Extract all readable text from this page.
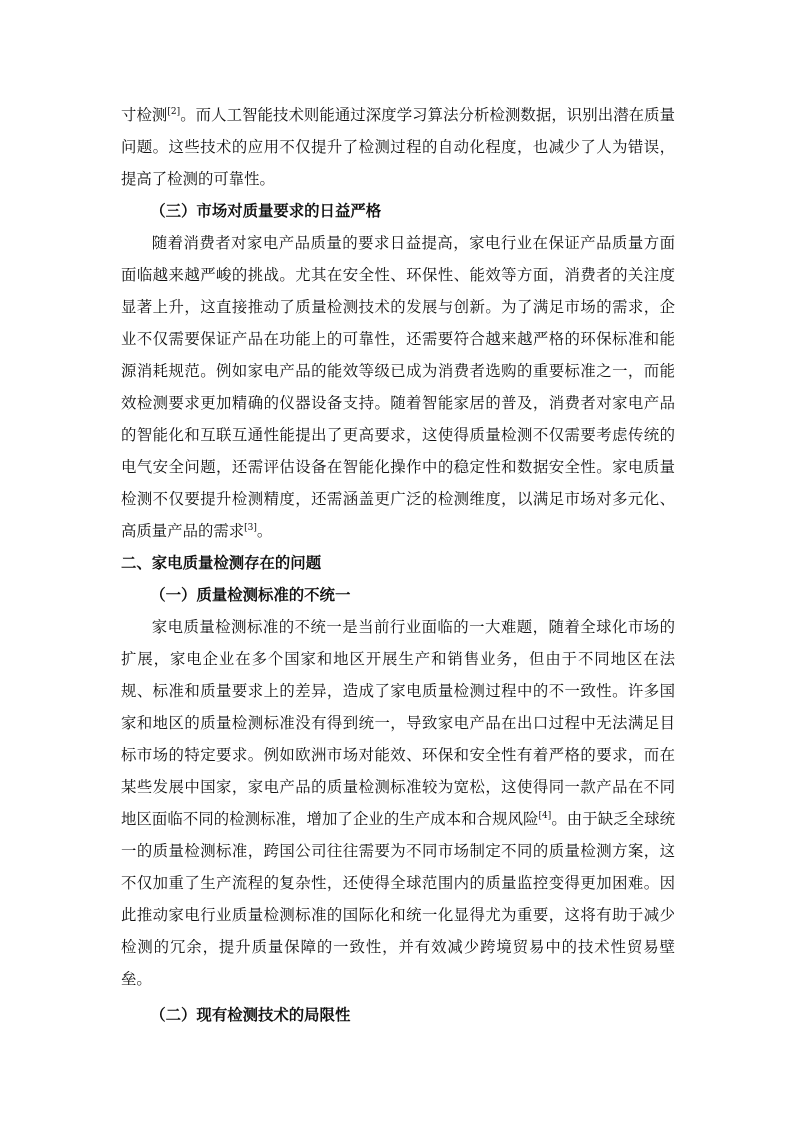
寸检测[2]。而人工智能技术则能通过深度学习算法分析检测数据，识别出潜在质量问题。这些技术的应用不仅提升了检测过程的自动化程度，也减少了人为错误，提高了检测的可靠性。

（三）市场对质量要求的日益严格

随着消费者对家电产品质量的要求日益提高，家电行业在保证产品质量方面面临越来越严峻的挑战。尤其在安全性、环保性、能效等方面，消费者的关注度显著上升，这直接推动了质量检测技术的发展与创新。为了满足市场的需求，企业不仅需要保证产品在功能上的可靠性，还需要符合越来越严格的环保标准和能源消耗规范。例如家电产品的能效等级已成为消费者选购的重要标准之一，而能效检测要求更加精确的仪器设备支持。随着智能家居的普及，消费者对家电产品的智能化和互联互通性能提出了更高要求，这使得质量检测不仅需要考虑传统的电气安全问题，还需评估设备在智能化操作中的稳定性和数据安全性。家电质量检测不仅要提升检测精度，还需涵盖更广泛的检测维度，以满足市场对多元化、高质量产品的需求[3]。

二、家电质量检测存在的问题

（一）质量检测标准的不统一

家电质量检测标准的不统一是当前行业面临的一大难题，随着全球化市场的扩展，家电企业在多个国家和地区开展生产和销售业务，但由于不同地区在法规、标准和质量要求上的差异，造成了家电质量检测过程中的不一致性。许多国家和地区的质量检测标准没有得到统一，导致家电产品在出口过程中无法满足目标市场的特定要求。例如欧洲市场对能效、环保和安全性有着严格的要求，而在某些发展中国家，家电产品的质量检测标准较为宽松，这使得同一款产品在不同地区面临不同的检测标准，增加了企业的生产成本和合规风险[4]。由于缺乏全球统一的质量检测标准，跨国公司往往需要为不同市场制定不同的质量检测方案，这不仅加重了生产流程的复杂性，还使得全球范围内的质量监控变得更加困难。因此推动家电行业质量检测标准的国际化和统一化显得尤为重要，这将有助于减少检测的冗余，提升质量保障的一致性，并有效减少跨境贸易中的技术性贸易壁垒。

（二）现有检测技术的局限性
